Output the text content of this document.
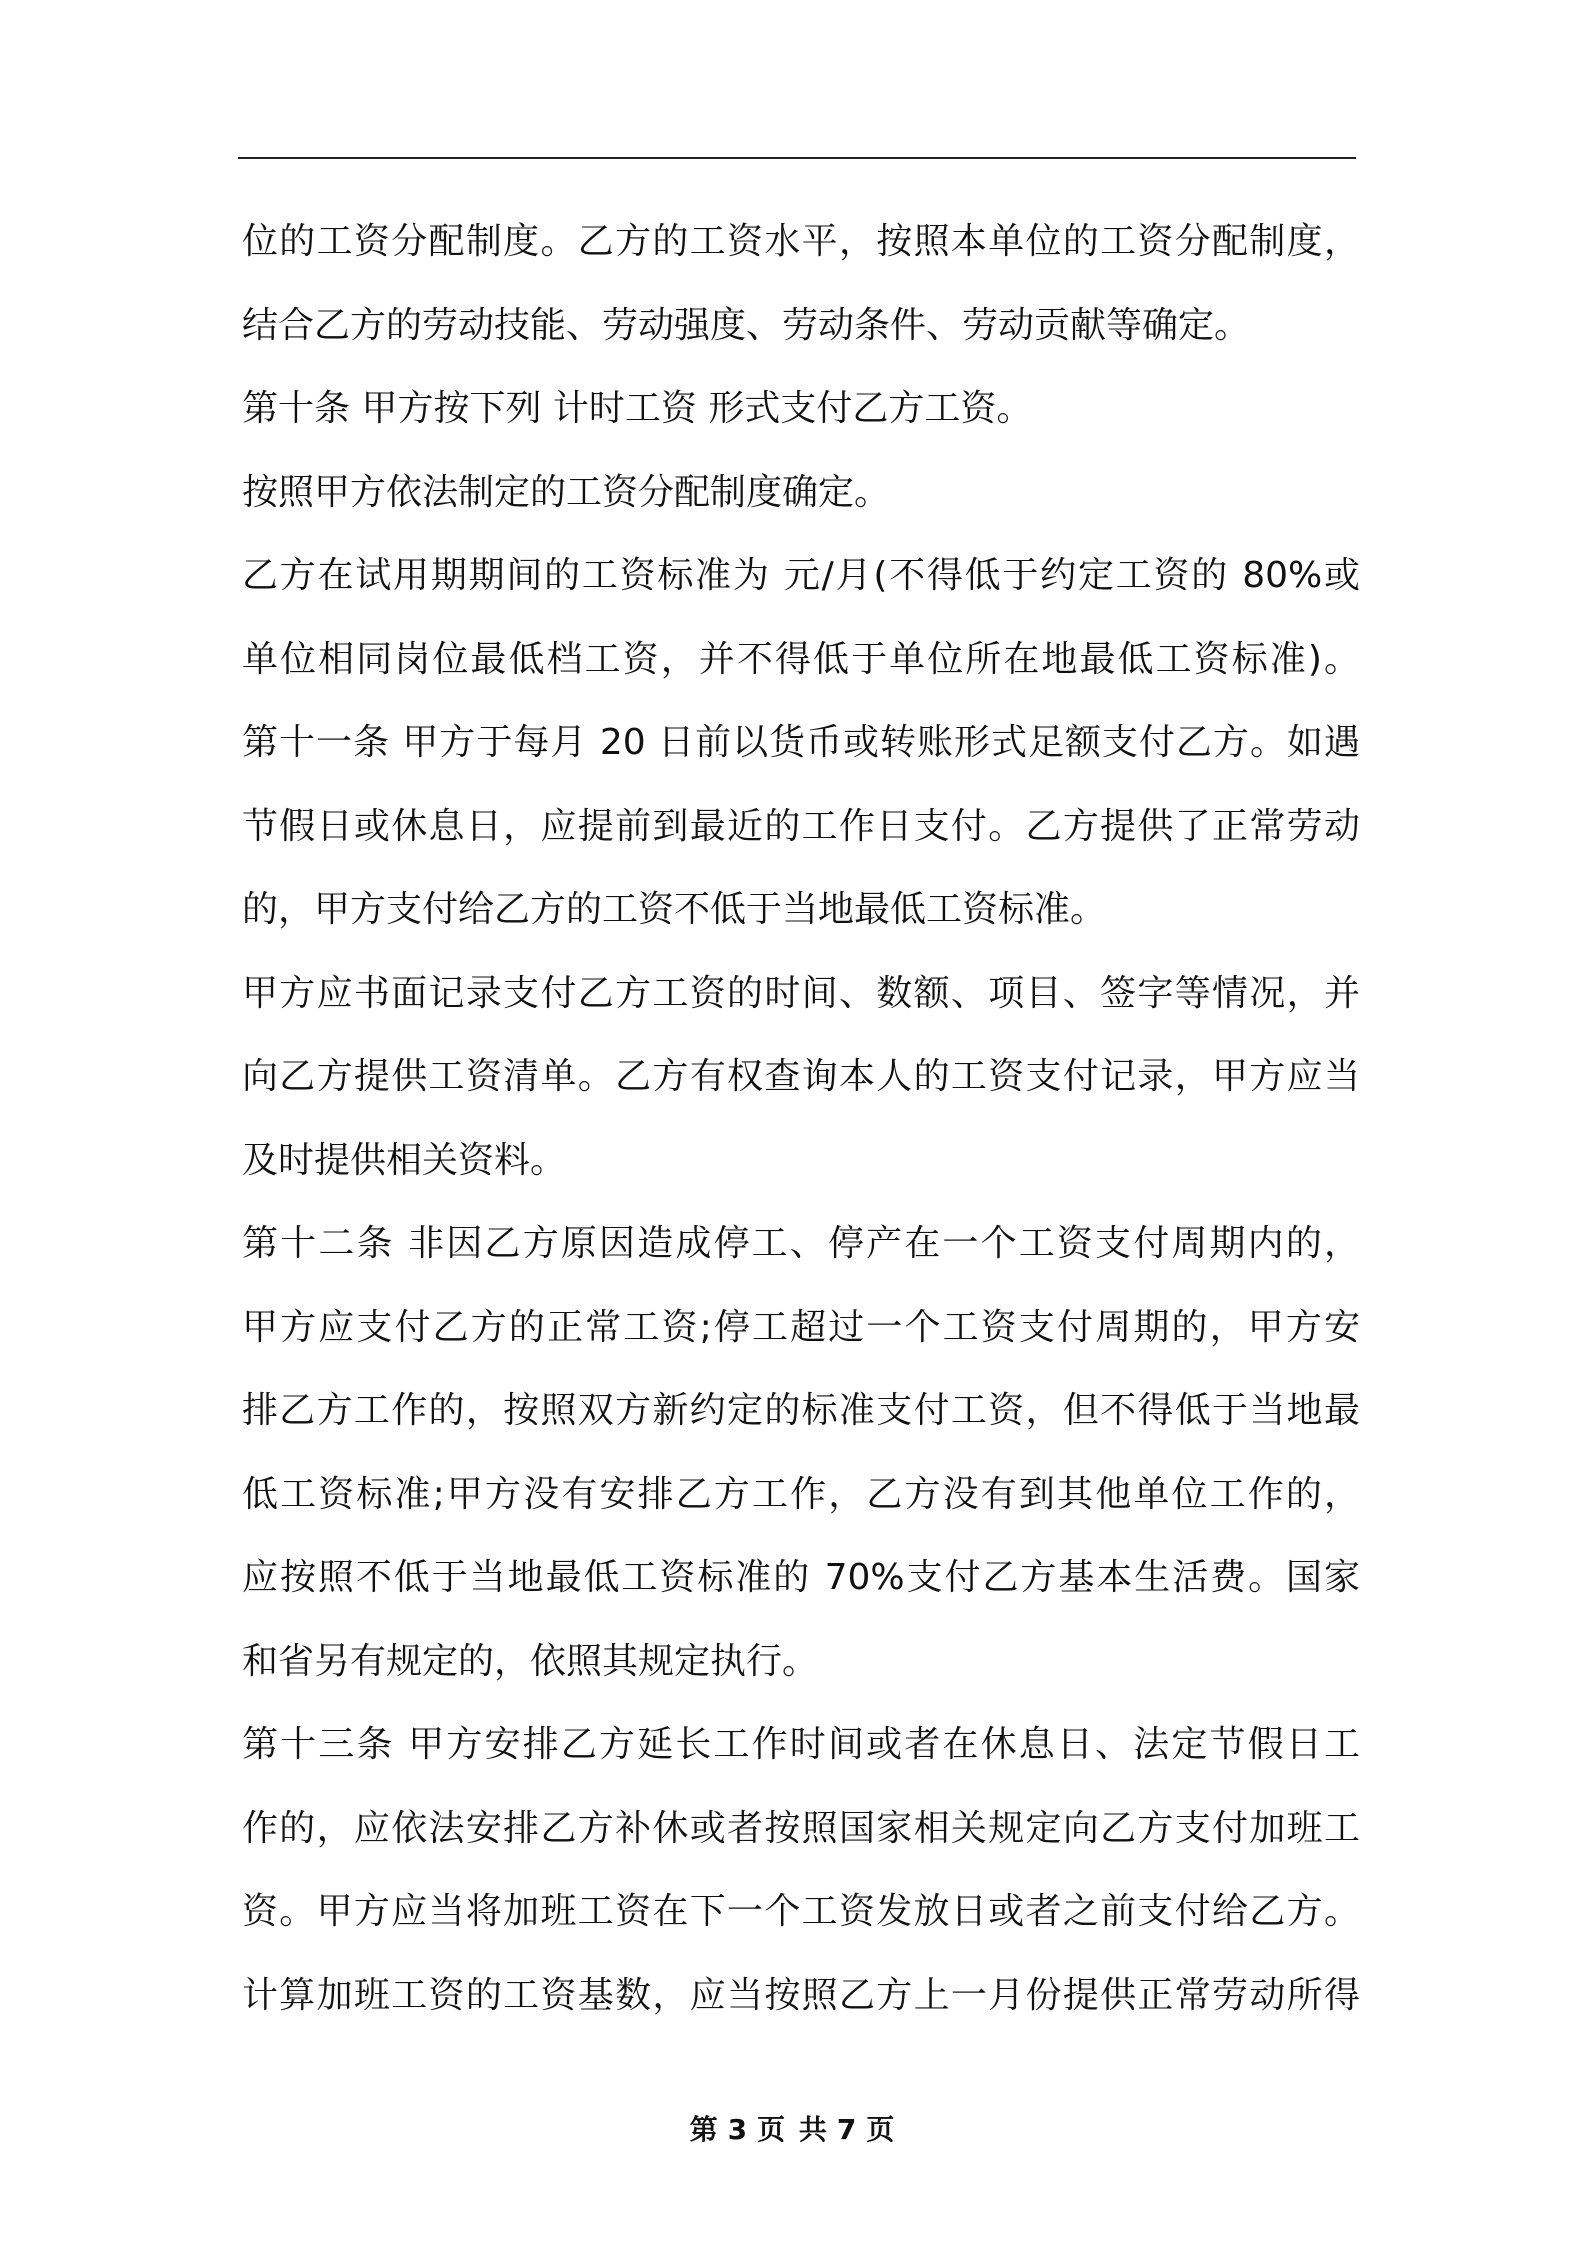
位的工资分配制度。乙方的工资水平，按照本单位的工资分配制度，
结合乙方的劳动技能、劳动强度、劳动条件、劳动贡献等确定。
第十条 甲方按下列 计时工资 形式支付乙方工资。
按照甲方依法制定的工资分配制度确定。
乙方在试用期期间的工资标准为 元/月(不得低于约定工资的 80%或
单位相同岗位最低档工资，并不得低于单位所在地最低工资标准)。
第十一条 甲方于每月 20 日前以货币或转账形式足额支付乙方。如遇
节假日或休息日，应提前到最近的工作日支付。乙方提供了正常劳动
的，甲方支付给乙方的工资不低于当地最低工资标准。
甲方应书面记录支付乙方工资的时间、数额、项目、签字等情况，并
向乙方提供工资清单。乙方有权查询本人的工资支付记录，甲方应当
及时提供相关资料。
第十二条 非因乙方原因造成停工、停产在一个工资支付周期内的，
甲方应支付乙方的正常工资;停工超过一个工资支付周期的，甲方安
排乙方工作的，按照双方新约定的标准支付工资，但不得低于当地最
低工资标准;甲方没有安排乙方工作，乙方没有到其他单位工作的，
应按照不低于当地最低工资标准的 70%支付乙方基本生活费。国家
和省另有规定的，依照其规定执行。
第十三条 甲方安排乙方延长工作时间或者在休息日、法定节假日工
作的，应依法安排乙方补休或者按照国家相关规定向乙方支付加班工
资。甲方应当将加班工资在下一个工资发放日或者之前支付给乙方。
计算加班工资的工资基数，应当按照乙方上一月份提供正常劳动所得
第 3 页 共 7 页
